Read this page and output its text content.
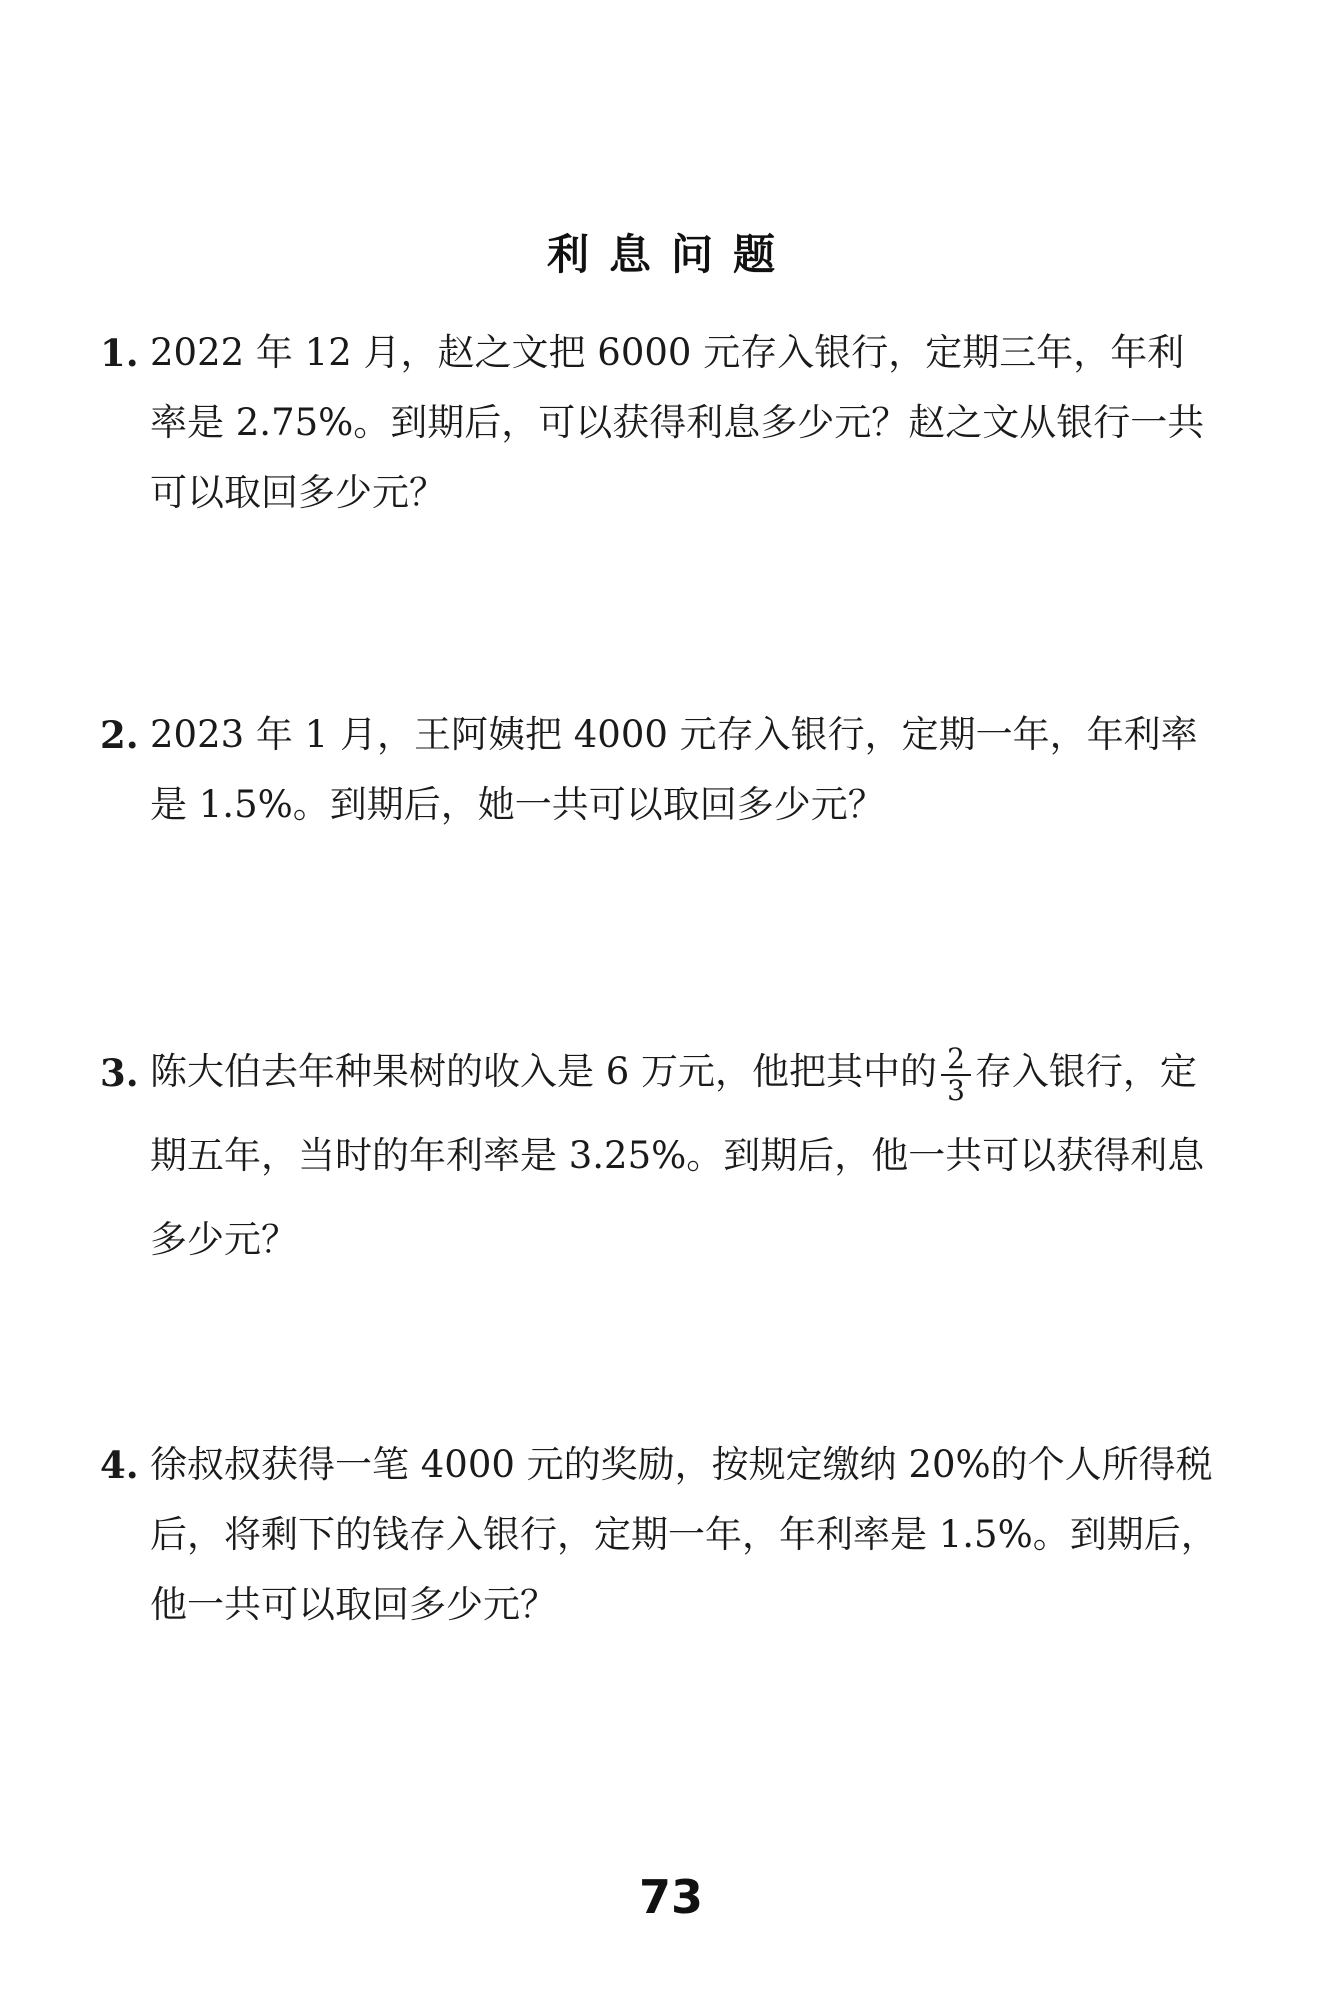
利息问题
1. 2022 年 12 月，赵之文把 6000 元存入银行，定期三年，年利率是 2.75%。到期后，可以获得利息多少元？赵之文从银行一共可以取回多少元？
2. 2023 年 1 月，王阿姨把 4000 元存入银行，定期一年，年利率是 1.5%。到期后，她一共可以取回多少元？
3. 陈大伯去年种果树的收入是 6 万元，他把其中的 $\frac{2}{3}$ 存入银行，定期五年，当时的年利率是 3.25%。到期后，他一共可以获得利息多少元？
4. 徐叔叔获得一笔 4000 元的奖励，按规定缴纳 20%的个人所得税后，将剩下的钱存入银行，定期一年，年利率是 1.5%。到期后，他一共可以取回多少元？
73
